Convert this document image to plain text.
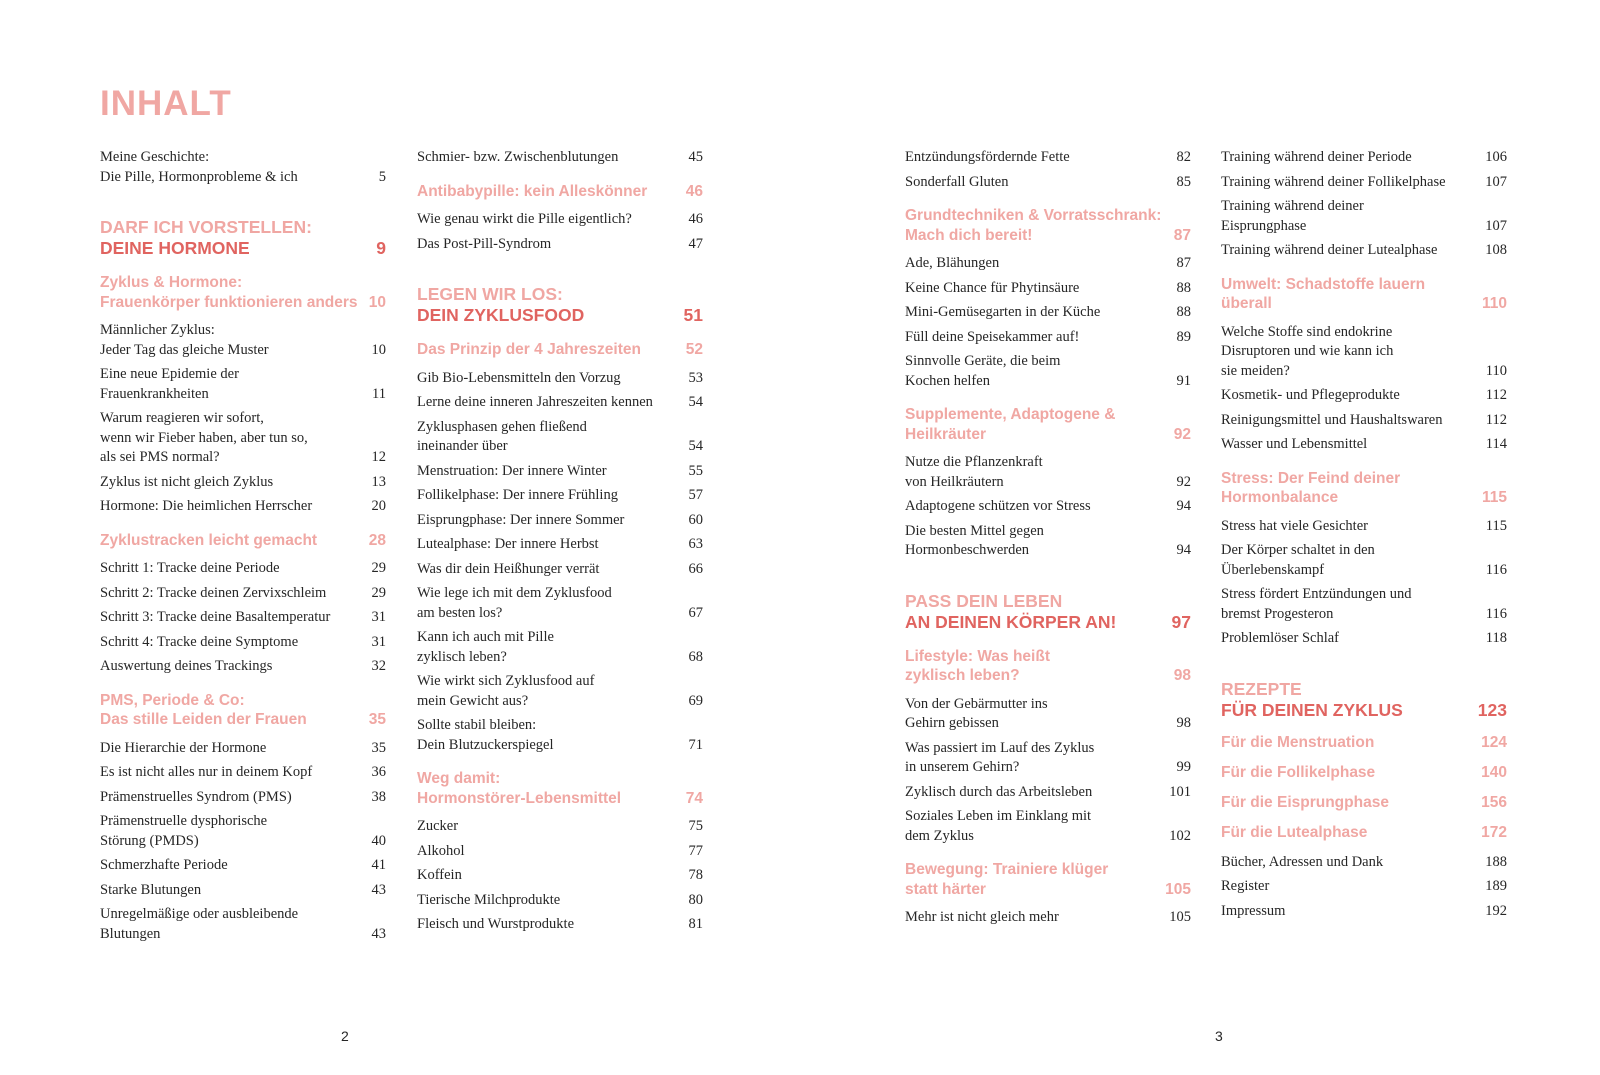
INHALT
Meine Geschichte:
Die Pille, Hormonprobleme & ich	5
DARF ICH VORSTELLEN:
DEINE HORMONE	9
Zyklus & Hormone:
Frauenkörper funktionieren anders 10
Männlicher Zyklus:
Jeder Tag das gleiche Muster	10
Eine neue Epidemie der
Frauenkrankheiten	11
Warum reagieren wir sofort,
wenn wir Fieber haben, aber tun so,
als sei PMS normal?	12
Zyklus ist nicht gleich Zyklus	13
Hormone: Die heimlichen Herrscher	20
Zyklustracken leicht gemacht	28
Schritt 1: Tracke deine Periode	29
Schritt 2: Tracke deinen Zervixschleim	29
Schritt 3: Tracke deine Basaltemperatur	31
Schritt 4: Tracke deine Symptome	31
Auswertung deines Trackings	32
PMS, Periode & Co:
Das stille Leiden der Frauen	35
Die Hierarchie der Hormone	35
Es ist nicht alles nur in deinem Kopf	36
Prämenstruelles Syndrom (PMS)	38
Prämenstruelle dysphorische
Störung (PMDS)	40
Schmerzhafte Periode	41
Starke Blutungen	43
Unregelmäßige oder ausbleibende
Blutungen	43
Schmier- bzw. Zwischenblutungen	45
Antibabypille: kein Alleskönner 46
Wie genau wirkt die Pille eigentlich?	46
Das Post-Pill-Syndrom	47
LEGEN WIR LOS:
DEIN ZYKLUSFOOD	51
Das Prinzip der 4 Jahreszeiten	52
Gib Bio-Lebensmitteln den Vorzug	53
Lerne deine inneren Jahreszeiten kennen	54
Zyklusphasen gehen fließend
ineinander über	54
Menstruation: Der innere Winter	55
Follikelphase: Der innere Frühling	57
Eisprungphase: Der innere Sommer	60
Lutealphase: Der innere Herbst	63
Was dir dein Heißhunger verrät	66
Wie lege ich mit dem Zyklusfood
am besten los?	67
Kann ich auch mit Pille
zyklisch leben?	68
Wie wirkt sich Zyklusfood auf
mein Gewicht aus?	69
Sollte stabil bleiben:
Dein Blutzuckerspiegel	71
Weg damit:
Hormonstörer-Lebensmittel	74
Zucker	75
Alkohol	77
Koffein	78
Tierische Milchprodukte	80
Fleisch und Wurstprodukte	81
Entzündungsfördernde Fette	82
Sonderfall Gluten	85
Grundtechniken & Vorratsschrank:
Mach dich bereit!	87
Ade, Blähungen	87
Keine Chance für Phytinsäure	88
Mini-Gemüsegarten in der Küche	88
Füll deine Speisekammer auf!	89
Sinnvolle Geräte, die beim
Kochen helfen	91
Supplemente, Adaptogene &
Heilkräuter	92
Nutze die Pflanzenkraft
von Heilkräutern	92
Adaptogene schützen vor Stress	94
Die besten Mittel gegen
Hormonbeschwerden	94
PASS DEIN LEBEN
AN DEINEN KÖRPER AN!	97
Lifestyle: Was heißt
zyklisch leben?	98
Von der Gebärmutter ins
Gehirn gebissen	98
Was passiert im Lauf des Zyklus
in unserem Gehirn?	99
Zyklisch durch das Arbeitsleben	101
Soziales Leben im Einklang mit
dem Zyklus	102
Bewegung: Trainiere klüger
statt härter	105
Mehr ist nicht gleich mehr	105
Training während deiner Periode	106
Training während deiner Follikelphase	107
Training während deiner
Eisprungphase	107
Training während deiner Lutealphase	108
Umwelt: Schadstoffe lauern
überall	110
Welche Stoffe sind endokrine
Disruptoren und wie kann ich
sie meiden?	110
Kosmetik- und Pflegeprodukte	112
Reinigungsmittel und Haushaltswaren	112
Wasser und Lebensmittel	114
Stress: Der Feind deiner
Hormonbalance	115
Stress hat viele Gesichter	115
Der Körper schaltet in den
Überlebenskampf	116
Stress fördert Entzündungen und
bremst Progesteron	116
Problemlöser Schlaf	118
REZEPTE
FÜR DEINEN ZYKLUS	123
Für die Menstruation	124
Für die Follikelphase	140
Für die Eisprungphase	156
Für die Lutealphase	172
Bücher, Adressen und Dank	188
Register	189
Impressum	192
2	3
